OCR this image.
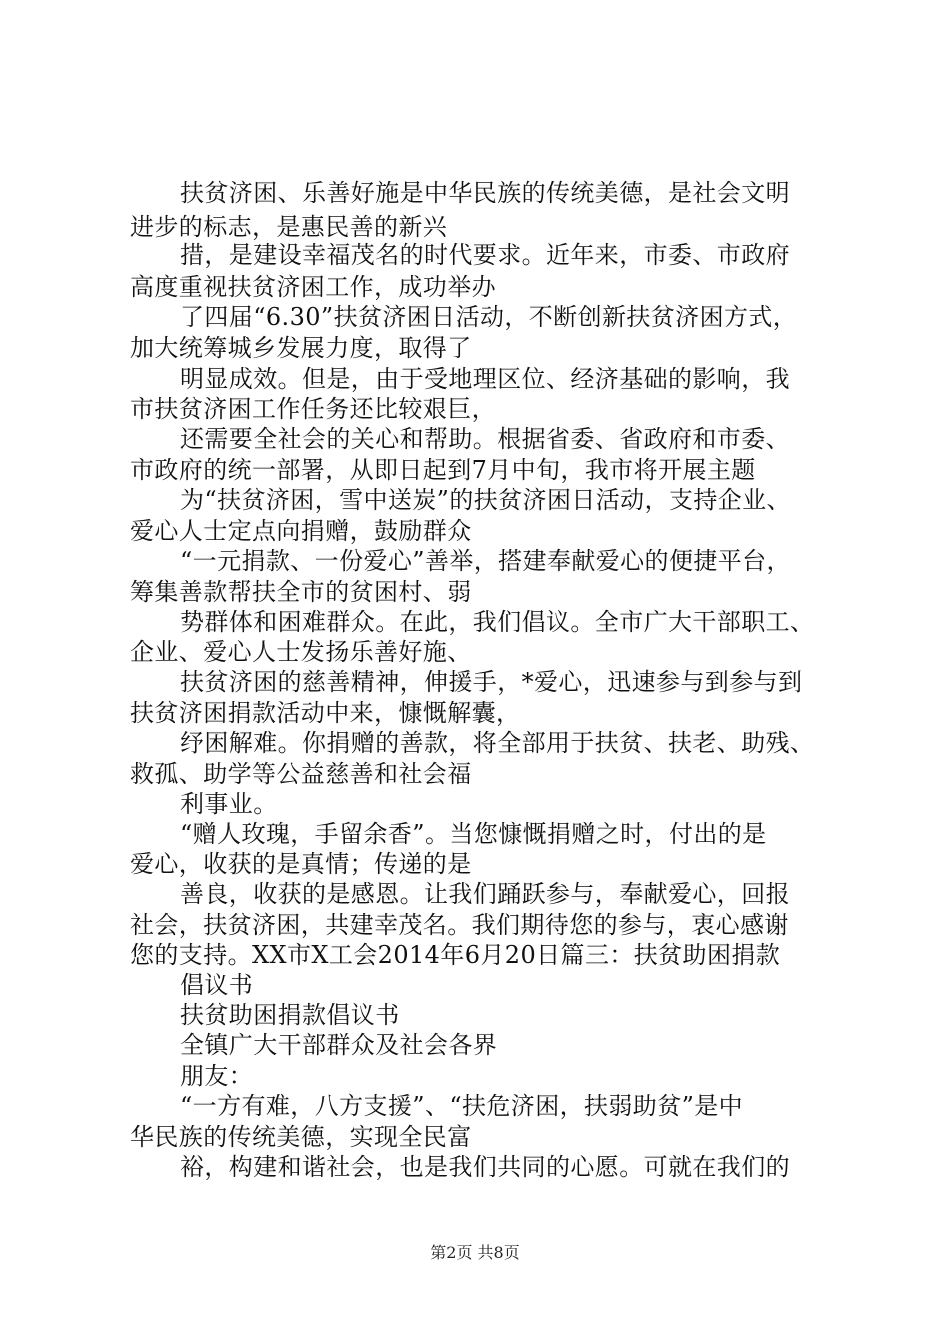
扶贫济困、乐善好施是中华民族的传统美德，是社会文明
进步的标志，是惠民善的新兴
措，是建设幸福茂名的时代要求。近年来，市委、市政府
高度重视扶贫济困工作，成功举办
了四届“6.30”扶贫济困日活动，不断创新扶贫济困方式，
加大统筹城乡发展力度，取得了
明显成效。但是，由于受地理区位、经济基础的影响，我
市扶贫济困工作任务还比较艰巨，
还需要全社会的关心和帮助。根据省委、省政府和市委、
市政府的统一部署，从即日起到7月中旬，我市将开展主题
为“扶贫济困，雪中送炭”的扶贫济困日活动，支持企业、
爱心人士定点向捐赠，鼓励群众
“一元捐款、一份爱心”善举，搭建奉献爱心的便捷平台，
筹集善款帮扶全市的贫困村、弱
势群体和困难群众。在此，我们倡议。全市广大干部职工、
企业、爱心人士发扬乐善好施、
扶贫济困的慈善精神，伸援手，*爱心，迅速参与到参与到
扶贫济困捐款活动中来，慷慨解囊，
纾困解难。你捐赠的善款，将全部用于扶贫、扶老、助残、
救孤、助学等公益慈善和社会福
利事业。
“赠人玫瑰，手留余香”。当您慷慨捐赠之时，付出的是
爱心，收获的是真情；传递的是
善良，收获的是感恩。让我们踊跃参与，奉献爱心，回报
社会，扶贫济困，共建幸茂名。我们期待您的参与，衷心感谢
您的支持。XX市X工会2014年6月20日篇三：扶贫助困捐款
倡议书
扶贫助困捐款倡议书
全镇广大干部群众及社会各界
朋友：
“一方有难，八方支援”、“扶危济困，扶弱助贫”是中
华民族的传统美德，实现全民富
裕，构建和谐社会，也是我们共同的心愿。可就在我们的
第2页 共8页
